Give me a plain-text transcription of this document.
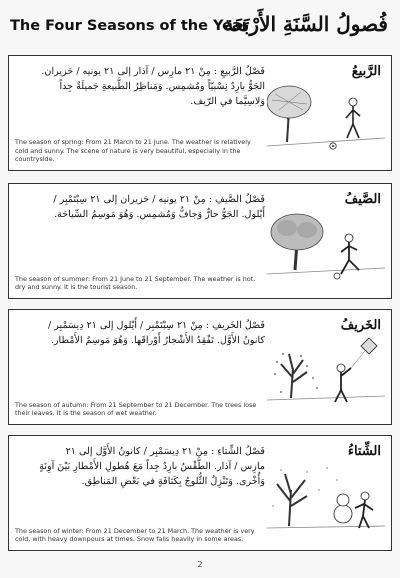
The Four Seasons of the Year
فُصولُ السَّنَةِ الأَرْبَعَة
فَصْلُ الرَّبيعِ : مِنْ ٢١ مارِس / آذار إلى ٢١ يونيه / حَزيران.
الجَوُّ بارِدٌ نِسْبيّاً ومُشمِس. وَمَناظِرُ الطَّبيعةِ جَميلَةٌ جِداً
وَلاسِيَّما في الرّيف.
The season of spring: From 21 March to 21 June. The weather is relatively cold and sunny. The scene of nature is very beautiful, especially in the countryside.
الرَّبيعُ
فَصْلُ الصَّيفِ : مِنْ ٢١ يونيه / حَزيران إلى ٢١ سِبْتَمْبِر /
أَيْلول. الجَوُّ حارٌّ وَجافٌّ وَمُشمِس. وَهُوَ مَوسِمُ السِّياحَة.
The season of summer: From 21 June to 21 September. The weather is hot, dry and sunny. It is the tourist season.
الصَّيفُ
فَصْلُ الخَريفِ : مِنْ ٢١ سِبْتَمْبِر / أَيْلول إلى ٢١ دِيسَمْبِر /
كانونُ الأَوَّل. تَفْقِدُ الأَشْجارُ أَوْراقَها. وَهُوَ مَوسِمُ الأَمْطار.
The season of autumn: From 21 September to 21 December. The trees lose their leaves. It is the season of wet weather.
الخَريفُ
فَصْلُ الشِّتاءِ : مِنْ ٢١ دِيسَمْبِر / كانونُ الأَوَّل إلى ٢١
مارِس / آذار. الطَّقْسُ بارِدٌ جِداً مَعَ هُطولِ الأَمْطارِ بَيْنَ آوِنَةٍ
وَأُخْرى. وَتَنْزِلُ الثُّلوجُ بِكَثافَةٍ في بَعْضِ المَناطِق.
The season of winter: From 21 December to 21 March. The weather is very cold, with heavy downpours at times. Snow falls heavily in some areas.
الشِّتاءُ
2
